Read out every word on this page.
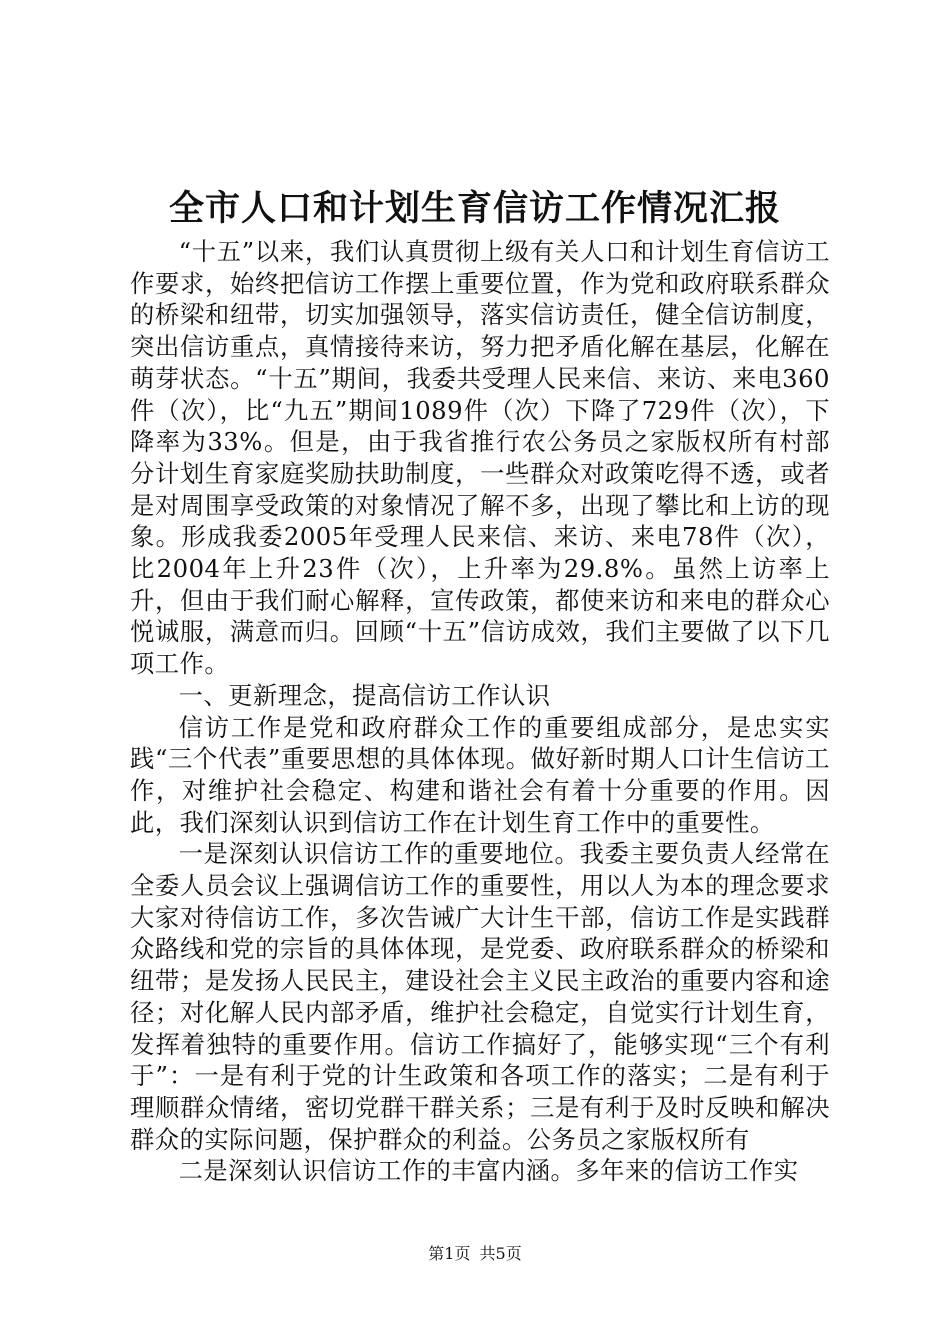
全市人口和计划生育信访工作情况汇报

“十五”以来，我们认真贯彻上级有关人口和计划生育信访工作要求，始终把信访工作摆上重要位置，作为党和政府联系群众的桥梁和纽带，切实加强领导，落实信访责任，健全信访制度，突出信访重点，真情接待来访，努力把矛盾化解在基层，化解在萌芽状态。“十五”期间，我委共受理人民来信、来访、来电360件（次），比“九五”期间1089件（次）下降了729件（次），下降率为33%。但是，由于我省推行农公务员之家版权所有村部分计划生育家庭奖励扶助制度，一些群众对政策吃得不透，或者是对周围享受政策的对象情况了解不多，出现了攀比和上访的现象。形成我委2005年受理人民来信、来访、来电78件（次），比2004年上升23件（次），上升率为29.8%。虽然上访率上升，但由于我们耐心解释，宣传政策，都使来访和来电的群众心悦诚服，满意而归。回顾“十五”信访成效，我们主要做了以下几项工作。

一、更新理念，提高信访工作认识

信访工作是党和政府群众工作的重要组成部分，是忠实实践“三个代表”重要思想的具体体现。做好新时期人口计生信访工作，对维护社会稳定、构建和谐社会有着十分重要的作用。因此，我们深刻认识到信访工作在计划生育工作中的重要性。

一是深刻认识信访工作的重要地位。我委主要负责人经常在全委人员会议上强调信访工作的重要性，用以人为本的理念要求大家对待信访工作，多次告诫广大计生干部，信访工作是实践群众路线和党的宗旨的具体体现，是党委、政府联系群众的桥梁和纽带；是发扬人民民主，建设社会主义民主政治的重要内容和途径；对化解人民内部矛盾，维护社会稳定，自觉实行计划生育，发挥着独特的重要作用。信访工作搞好了，能够实现“三个有利于”：一是有利于党的计生政策和各项工作的落实；二是有利于理顺群众情绪，密切党群干群关系；三是有利于及时反映和解决群众的实际问题，保护群众的利益。公务员之家版权所有

二是深刻认识信访工作的丰富内涵。多年来的信访工作实

第1页 共5页
